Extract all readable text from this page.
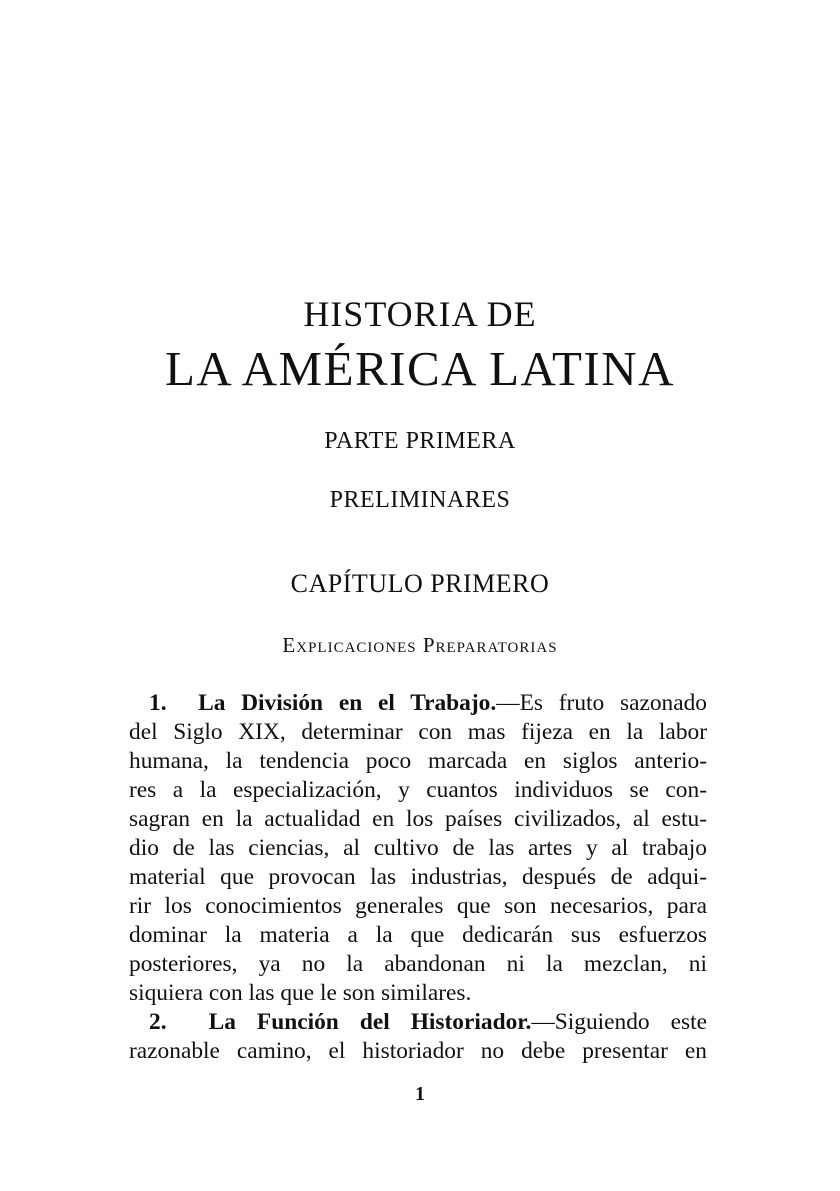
HISTORIA DE
LA AMÉRICA LATINA
PARTE PRIMERA
PRELIMINARES
CAPÍTULO PRIMERO
Explicaciones Preparatorias
1. La División en el Trabajo.—Es fruto sazonado
del Siglo XIX, determinar con mas fijeza en la labor
humana, la tendencia poco marcada en siglos anterio-
res a la especialización, y cuantos individuos se con-
sagran en la actualidad en los países civilizados, al estu-
dio de las ciencias, al cultivo de las artes y al trabajo
material que provocan las industrias, después de adqui-
rir los conocimientos generales que son necesarios, para
dominar la materia a la que dedicarán sus esfuerzos
posteriores, ya no la abandonan ni la mezclan, ni
siquiera con las que le son similares.
2. La Función del Historiador.—Siguiendo este
razonable camino, el historiador no debe presentar en
1
